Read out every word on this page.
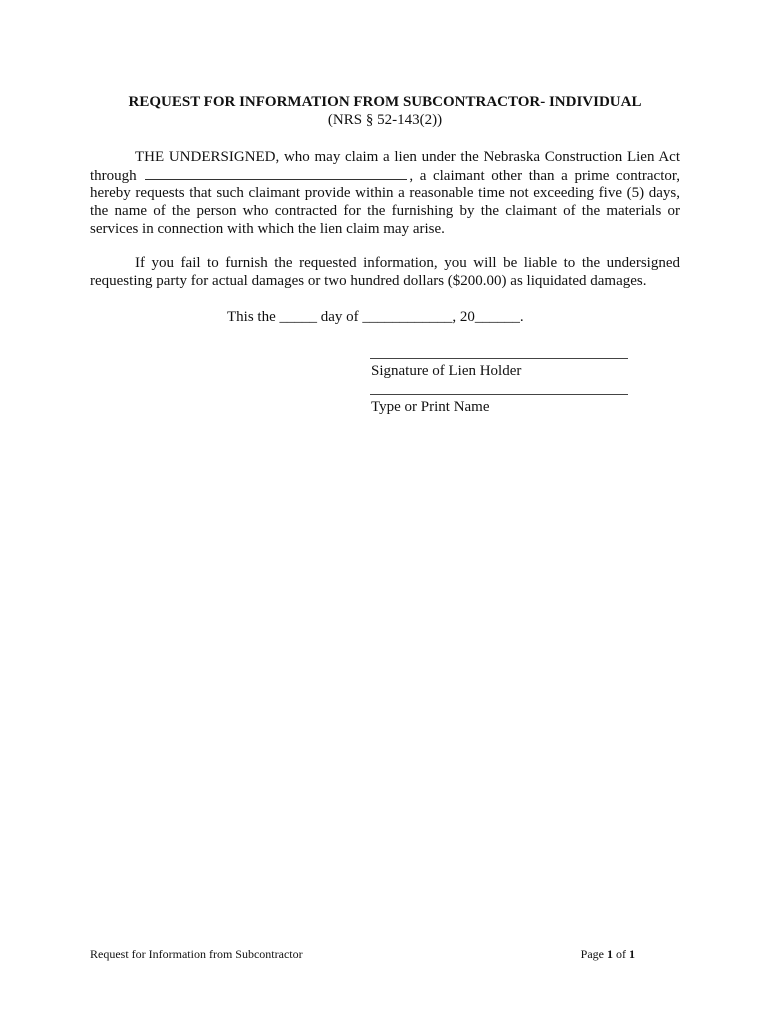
REQUEST FOR INFORMATION FROM SUBCONTRACTOR- INDIVIDUAL
(NRS § 52-143(2))
THE UNDERSIGNED, who may claim a lien under the Nebraska Construction Lien Act
through	, a claimant other than a prime contractor,
hereby requests that such claimant provide within a reasonable time not exceeding five (5) days,
the name of the person who contracted for the furnishing by the claimant of the materials or
services in connection with which the lien claim may arise.
If you fail to furnish the requested information, you will be liable to the undersigned
requesting party for actual damages or two hundred dollars ($200.00) as liquidated damages.
This the _____ day of ____________, 20______.
Signature of Lien Holder
Type or Print Name
Request for Information from Subcontractor	Page 1 of 1
